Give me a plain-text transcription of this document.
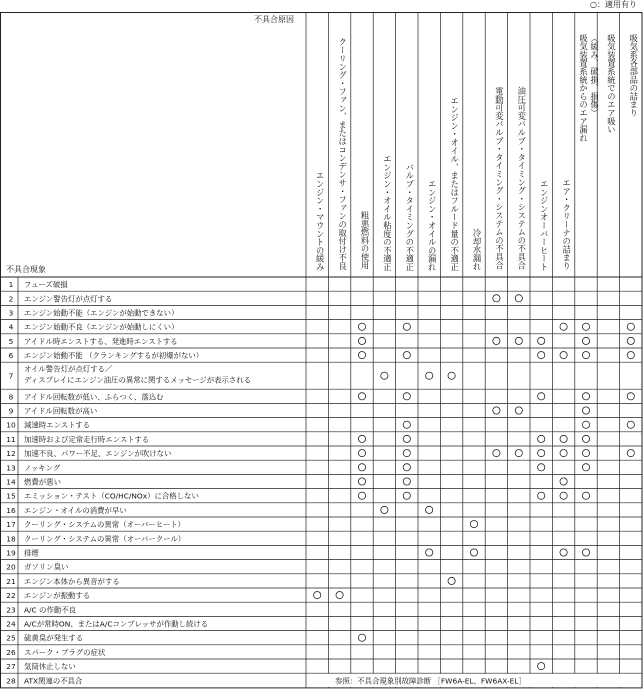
○：適用有り
不具合原因
不具合現象	エンジン・マウントの緩み クーリング・ファン、またはコンデンサ・ファンの取付け不良 粗悪燃料の使用 エンジン・オイル粘度の不適正 バルブ・タイミングの不適正 エンジン・オイルの漏れ エンジン・オイル、またはフルード量の不適正 冷却水漏れ 電動可変バルブ・タイミング・システムの不具合 油圧可変バルブ・タイミング・システムの不具合 エンジンオーバーヒート エア・クリーナの詰まり
吸気装置系統からのエア漏れ （緩み、破損、損傷） 吸気装置系統でのエア吸い 吸気系各部品の詰まり
1 フューズ破損
2 エンジン警告灯が点灯する
3 エンジン始動不能（エンジンが始動できない）
4 エンジン始動不良（エンジンが始動しにくい）
5 アイドル時エンストする、発進時エンストする
6 エンジン始動不能 （クランキングするが初爆がない）
7
オイル警告灯が点灯する／
ディスプレイにエンジン油圧の異常に関するメッセージが表示される
8 アイドル回転数が低い、ふらつく、落込む
9 アイドル回転数が高い
10 減速時エンストする
11 加速時および定常走行時エンストする
12 加速不良、パワー不足、エンジンが吹けない
13 ノッキング
14 燃費が悪い
15 エミッション・テスト（CO/HC/NOx）に合格しない
16 エンジン・オイルの消費が早い
17 クーリング・システムの異常（オーバーヒート）
18 クーリング・システムの異常（オーバークール）
19 排煙
20 ガソリン臭い
21 エンジン本体から異音がする
22 エンジンが振動する
23 A/C の作動不良
24 A/Cが常時ON、またはA/Cコンプレッサが作動し続ける
25 硫黄臭が発生する
26 スパーク・プラグの症状
27 気筒休止しない
28 ATX関連の不具合	参照：不具合現象別故障診断 ［FW6A-EL、FW6AX-EL］
